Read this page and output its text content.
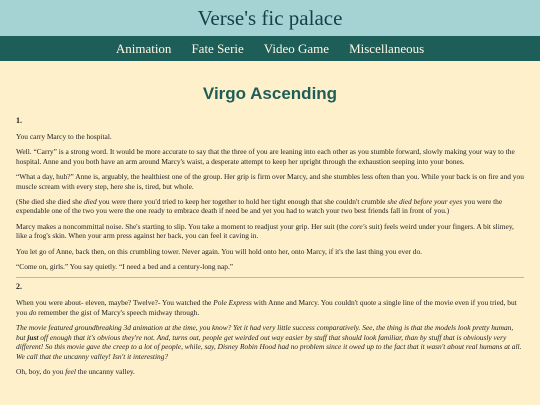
Verse's fic palace
Animation Fate Serie Video Game Miscellaneous
Virgo Ascending
1.

You carry Marcy to the hospital.

Well. “Carry” is a strong word. It would be more accurate to say that the three of you are leaning into each other as you stumble forward, slowly making your way to the hospital. Anne and you both have an arm around Marcy's waist, a desperate attempt to keep her upright through the exhaustion seeping into your bones.

“What a day, huh?” Anne is, arguably, the healthiest one of the group. Her grip is firm over Marcy, and she stumbles less often than you. While your back is on fire and you muscle scream with every step, here she is, tired, but whole.

(She died she died she died you were there you'd tried to keep her together to hold her tight enough that she couldn't crumble she died before your eyes you were the expendable one of the two you were the one ready to embrace death if need be and yet you had to watch your two best friends fall in front of you.)

Marcy makes a noncommittal noise. She's starting to slip. You take a moment to readjust your grip. Her suit (the core's suit) feels weird under your fingers. A bit slimey, like a frog's skin. When your arm press against her back, you can feel it caving in.

You let go of Anne, back then, on this crumbling tower. Never again. You will hold onto her, onto Marcy, if it's the last thing you ever do.

“Come on, girls.” You say quietly. “I need a bed and a century-long nap.”

2.

When you were about- eleven, maybe? Twelve?- You watched the Pole Express with Anne and Marcy. You couldn't quote a single line of the movie even if you tried, but you do remember the gist of Marcy's speech midway through.

The movie featured groundbreaking 3d animation at the time, you know? Yet it had very little success comparatively. See, the thing is that the models look pretty human, but just off enough that it's obvious they're not. And, turns out, people get weirded out way easier by stuff that should look familiar, than by stuff that is obviously very different! So this movie gave the creep to a lot of people, while, say, Disney Robin Hood had no problem since it owed up to the fact that it wasn't about real humans at all. We call that the uncanny valley! Isn't it interesting?

Oh, boy, do you feel the uncanny valley.
